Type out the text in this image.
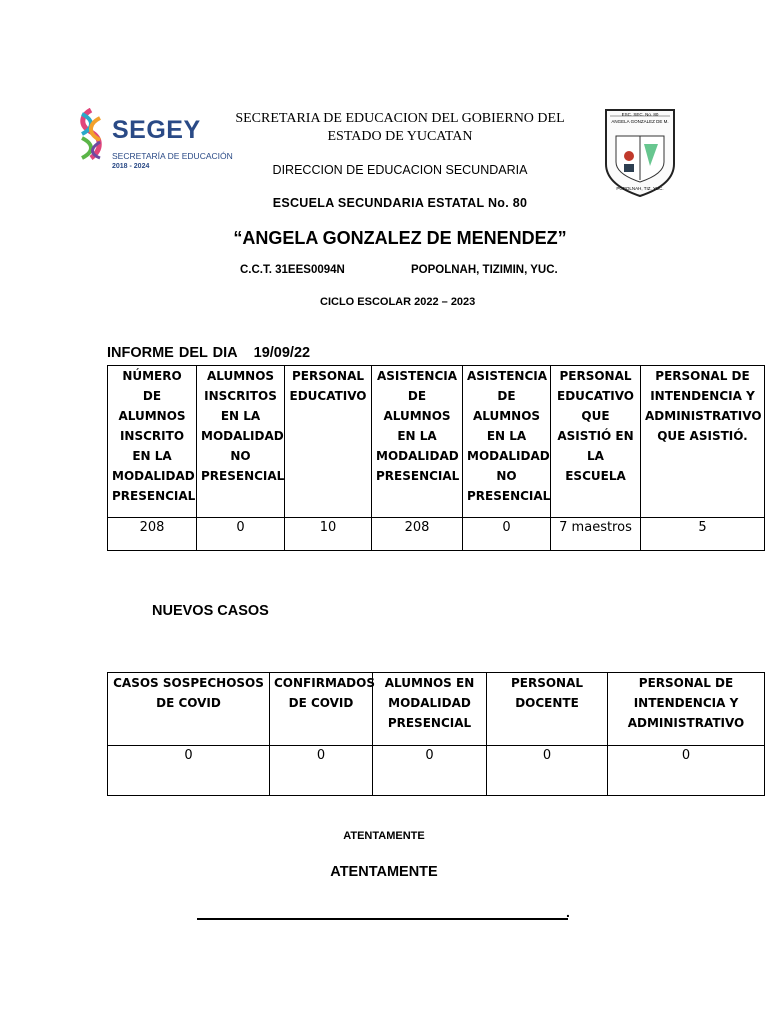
SEGEY
SECRETARÍA DE EDUCACIÓN
2018 - 2024
SECRETARIA DE EDUCACION DEL GOBIERNO DEL
ESTADO DE YUCATAN
DIRECCION DE EDUCACION SECUNDARIA
ESCUELA SECUNDARIA ESTATAL No. 80
“ANGELA GONZALEZ DE MENENDEZ”
C.C.T. 31EES0094N	POPOLNAH, TIZIMIN, YUC.
CICLO ESCOLAR 2022 – 2023
ESC. SEC. No. 80
ANGELA GONZALEZ DE M.
POPOLNAH, TIZ. YUC.
INFORME DEL DIA 19/09/22
NÚMERO DE ALUMNOS INSCRITO EN LA MODALIDAD PRESENCIAL	ALUMNOS INSCRITOS EN LA MODALIDAD NO PRESENCIAL	PERSONAL EDUCATIVO	ASISTENCIA DE ALUMNOS EN LA MODALIDAD PRESENCIAL	ASISTENCIA DE ALUMNOS EN LA MODALIDAD NO PRESENCIAL	PERSONAL EDUCATIVO QUE ASISTIÓ EN LA ESCUELA	PERSONAL DE INTENDENCIA Y ADMINISTRATIVO QUE ASISTIÓ.
208	0	10	208	0	7 maestros	5
NUEVOS CASOS
CASOS SOSPECHOSOS DE COVID	CONFIRMADOS DE COVID	ALUMNOS EN MODALIDAD PRESENCIAL	PERSONAL DOCENTE	PERSONAL DE INTENDENCIA Y ADMINISTRATIVO
0	0	0	0	0
ATENTAMENTE
ATENTAMENTE
.
